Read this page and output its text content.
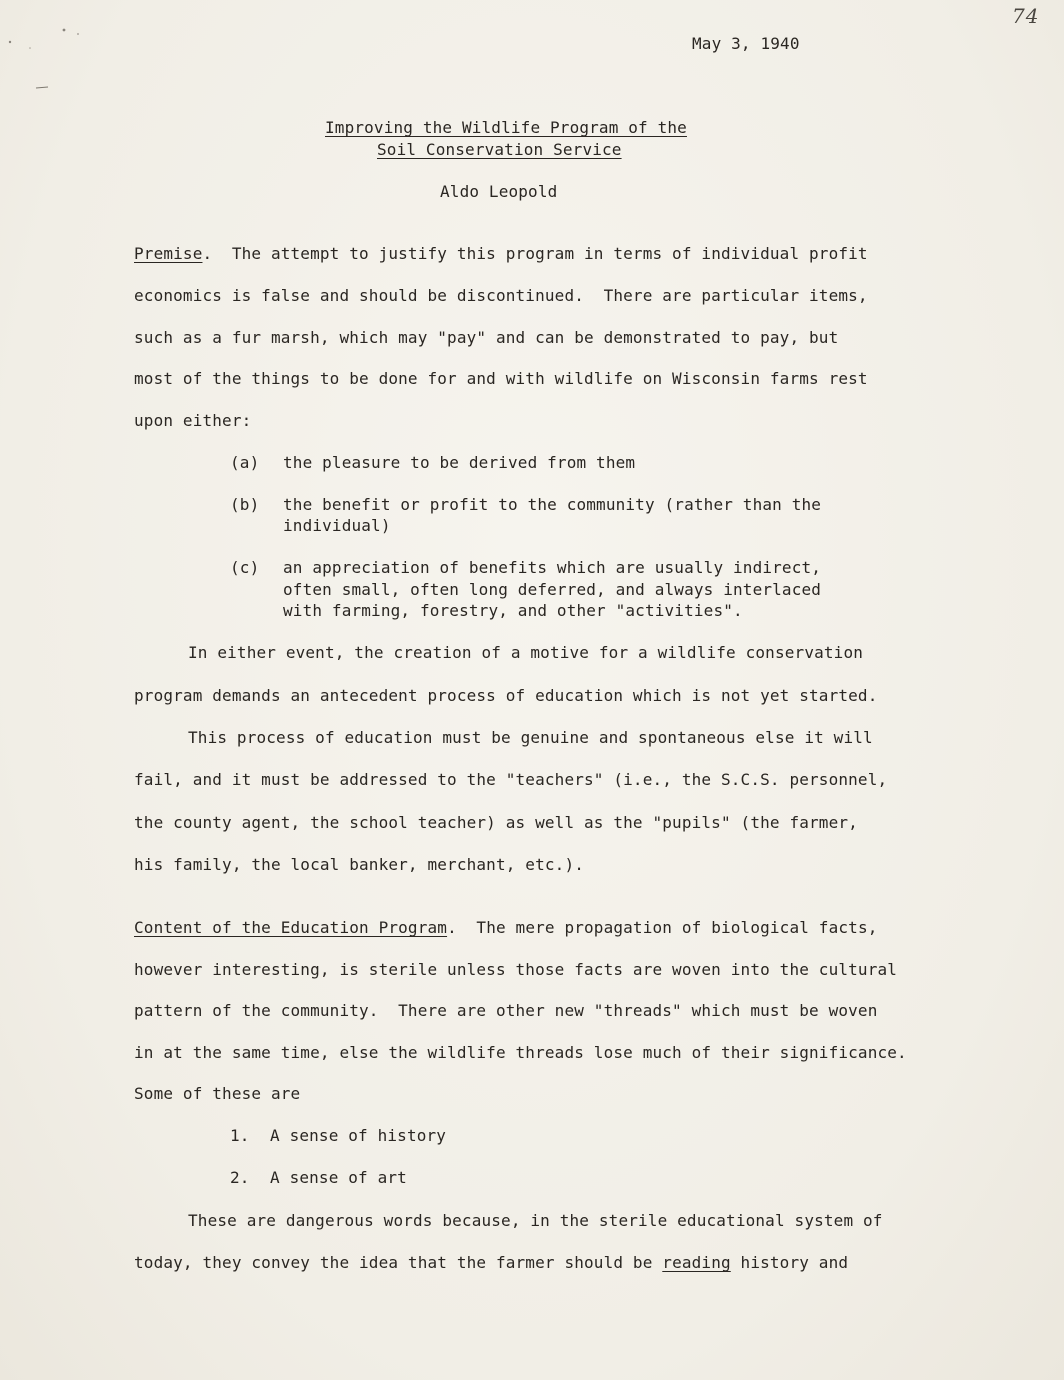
74
May 3, 1940
Improving the Wildlife Program of the
Soil Conservation Service
Aldo Leopold
Premise.  The attempt to justify this program in terms of individual profit
economics is false and should be discontinued.  There are particular items,
such as a fur marsh, which may "pay" and can be demonstrated to pay, but
most of the things to be done for and with wildlife on Wisconsin farms rest
upon either:
(a) the pleasure to be derived from them
(b) the benefit or profit to the community (rather than the
individual)
(c) an appreciation of benefits which are usually indirect,
often small, often long deferred, and always interlaced
with farming, forestry, and other "activities".
In either event, the creation of a motive for a wildlife conservation
program demands an antecedent process of education which is not yet started.
This process of education must be genuine and spontaneous else it will
fail, and it must be addressed to the "teachers" (i.e., the S.C.S. personnel,
the county agent, the school teacher) as well as the "pupils" (the farmer,
his family, the local banker, merchant, etc.).
Content of the Education Program.  The mere propagation of biological facts,
however interesting, is sterile unless those facts are woven into the cultural
pattern of the community.  There are other new "threads" which must be woven
in at the same time, else the wildlife threads lose much of their significance.
Some of these are
1. A sense of history
2. A sense of art
These are dangerous words because, in the sterile educational system of
today, they convey the idea that the farmer should be reading history and
